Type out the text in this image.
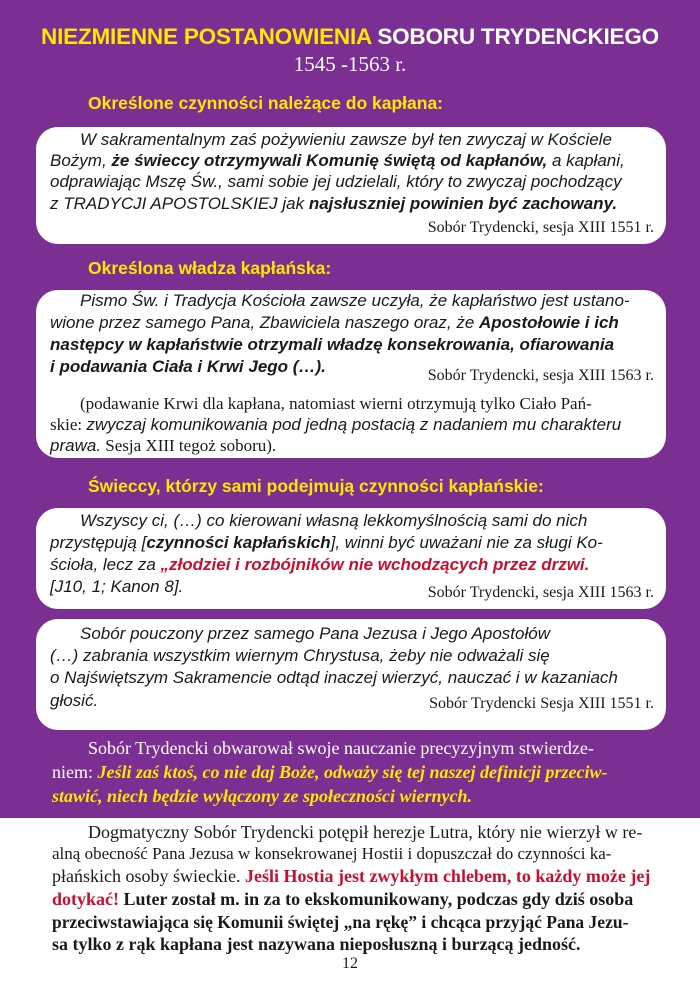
NIEZMIENNE POSTANOWIENIA SOBORU TRYDENCKIEGO
1545 -1563 r.
Określone czynności należące do kapłana:
W sakramentalnym zaś pożywieniu zawsze był ten zwyczaj w Kościele
Bożym, że świeccy otrzymywali Komunię świętą od kapłanów, a kapłani,
odprawiając Mszę Św., sami sobie jej udzielali, który to zwyczaj pochodzący
z TRADYCJI APOSTOLSKIEJ jak najsłuszniej powinien być zachowany.
Sobór Trydencki, sesja XIII 1551 r.
Określona władza kapłańska:
Pismo Św. i Tradycja Kościoła zawsze uczyła, że kapłaństwo jest ustano-
wione przez samego Pana, Zbawiciela naszego oraz, że Apostołowie i ich
następcy w kapłaństwie otrzymali władzę konsekrowania, ofiarowania
i podawania Ciała i Krwi Jego (…).	Sobór Trydencki, sesja XIII 1563 r.
(podawanie Krwi dla kapłana, natomiast wierni otrzymują tylko Ciało Pań-
skie: zwyczaj komunikowania pod jedną postacią z nadaniem mu charakteru
prawa. Sesja XIII tegoż soboru).
Świeccy, którzy sami podejmują czynności kapłańskie:
Wszyscy ci, (…) co kierowani własną lekkomyślnością sami do nich
przystępują [czynności kapłańskich], winni być uważani nie za sługi Ko-
ścioła, lecz za „złodziei i rozbójników nie wchodzących przez drzwi.
[J10, 1; Kanon 8].	Sobór Trydencki, sesja XIII 1563 r.
Sobór pouczony przez samego Pana Jezusa i Jego Apostołów
(…) zabrania wszystkim wiernym Chrystusa, żeby nie odważali się
o Najświętszym Sakramencie odtąd inaczej wierzyć, nauczać i w kazaniach
głosić.	Sobór Trydencki Sesja XIII 1551 r.
Sobór Trydencki obwarował swoje nauczanie precyzyjnym stwierdze-
niem: Jeśli zaś ktoś, co nie daj Boże, odważy się tej naszej definicji przeciw-
stawić, niech będzie wyłączony ze społeczności wiernych.
Dogmatyczny Sobór Trydencki potępił herezje Lutra, który nie wierzył w re-
alną obecność Pana Jezusa w konsekrowanej Hostii i dopuszczał do czynności ka-
płańskich osoby świeckie. Jeśli Hostia jest zwykłym chlebem, to każdy może jej
dotykać! Luter został m. in za to ekskomunikowany, podczas gdy dziś osoba
przeciwstawiająca się Komunii świętej „na rękę” i chcąca przyjąć Pana Jezu-
sa tylko z rąk kapłana jest nazywana nieposłuszną i burzącą jedność.
12
